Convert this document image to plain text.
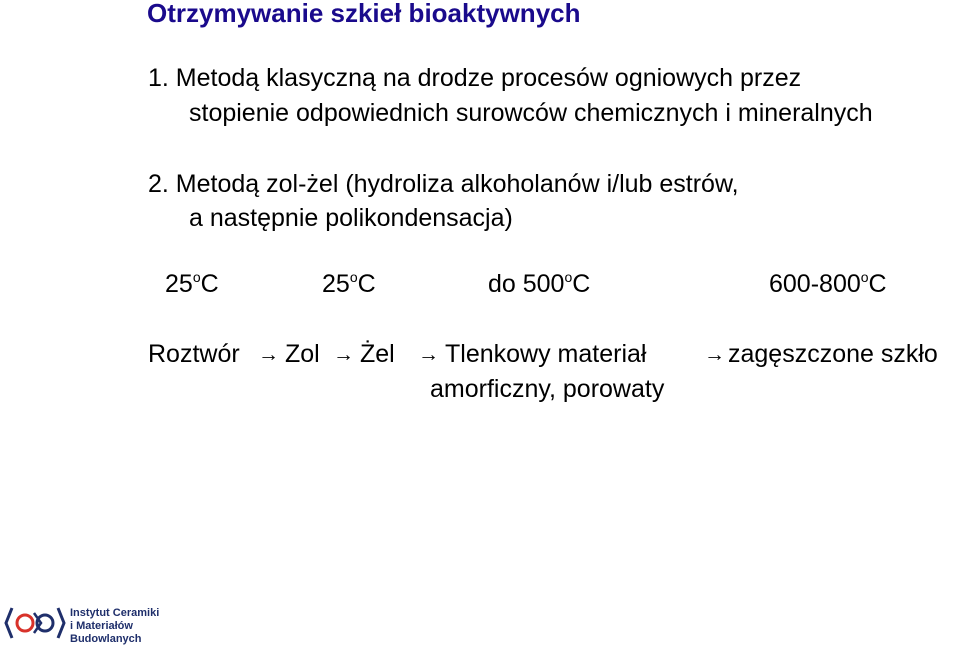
Otrzymywanie szkieł bioaktywnych
1. Metodą klasyczną na drodze procesów ogniowych przez
stopienie odpowiednich surowców chemicznych i mineralnych
2. Metodą zol-żel (hydroliza alkoholanów i/lub estrów,
a następnie polikondensacja)
25$^o$C	25$^o$C	do 500$^o$C	600-800$^o$C
Roztwór → Zol → Żel → Tlenkowy materiał	→ zagęszczone szkło
amorficzny, porowaty
Instytut Ceramiki
i Materiałów
Budowlanych
